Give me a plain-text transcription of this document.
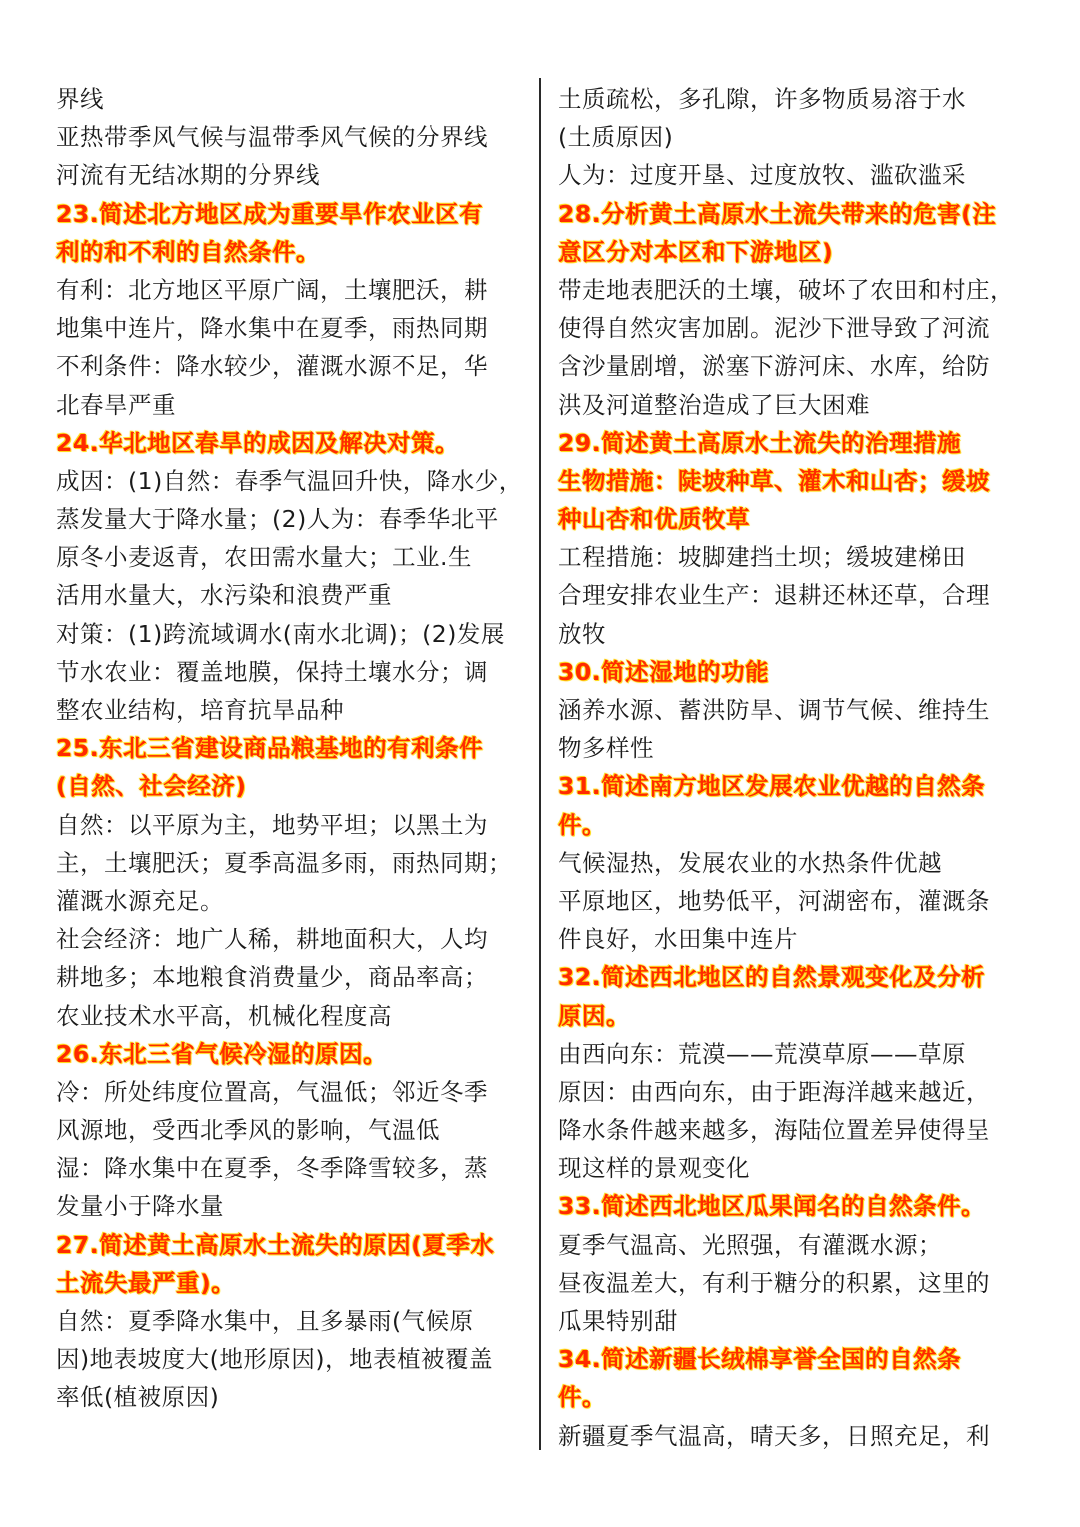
界线
亚热带季风气候与温带季风气候的分界线
河流有无结冰期的分界线
23.简述北方地区成为重要旱作农业区有
利的和不利的自然条件。
有利：北方地区平原广阔，土壤肥沃，耕
地集中连片，降水集中在夏季，雨热同期
不利条件：降水较少，灌溉水源不足，华
北春旱严重
24.华北地区春旱的成因及解决对策。
成因：(1)自然：春季气温回升快，降水少，
蒸发量大于降水量；(2)人为：春季华北平
原冬小麦返青，农田需水量大；工业.生
活用水量大，水污染和浪费严重
对策：(1)跨流域调水(南水北调)；(2)发展
节水农业：覆盖地膜，保持土壤水分；调
整农业结构，培育抗旱品种
25.东北三省建设商品粮基地的有利条件
(自然、社会经济)
自然：以平原为主，地势平坦；以黑土为
主，土壤肥沃；夏季高温多雨，雨热同期；
灌溉水源充足。
社会经济：地广人稀，耕地面积大，人均
耕地多；本地粮食消费量少，商品率高；
农业技术水平高，机械化程度高
26.东北三省气候冷湿的原因。
冷：所处纬度位置高，气温低；邻近冬季
风源地，受西北季风的影响，气温低
湿：降水集中在夏季，冬季降雪较多，蒸
发量小于降水量
27.简述黄土高原水土流失的原因(夏季水
土流失最严重)。
自然：夏季降水集中，且多暴雨(气候原
因)地表坡度大(地形原因)，地表植被覆盖
率低(植被原因)
土质疏松，多孔隙，许多物质易溶于水
(土质原因)
人为：过度开垦、过度放牧、滥砍滥采
28.分析黄土高原水土流失带来的危害(注
意区分对本区和下游地区)
带走地表肥沃的土壤，破坏了农田和村庄，
使得自然灾害加剧。泥沙下泄导致了河流
含沙量剧增，淤塞下游河床、水库，给防
洪及河道整治造成了巨大困难
29.简述黄土高原水土流失的治理措施
生物措施：陡坡种草、灌木和山杏；缓坡
种山杏和优质牧草
工程措施：坡脚建挡土坝；缓坡建梯田
合理安排农业生产：退耕还林还草，合理
放牧
30.简述湿地的功能
涵养水源、蓄洪防旱、调节气候、维持生
物多样性
31.简述南方地区发展农业优越的自然条
件。
气候湿热，发展农业的水热条件优越
平原地区，地势低平，河湖密布，灌溉条
件良好，水田集中连片
32.简述西北地区的自然景观变化及分析
原因。
由西向东：荒漠——荒漠草原——草原
原因：由西向东，由于距海洋越来越近，
降水条件越来越多，海陆位置差异使得呈
现这样的景观变化
33.简述西北地区瓜果闻名的自然条件。
夏季气温高、光照强，有灌溉水源；
昼夜温差大，有利于糖分的积累，这里的
瓜果特别甜
34.简述新疆长绒棉享誉全国的自然条
件。
新疆夏季气温高，晴天多，日照充足，利
